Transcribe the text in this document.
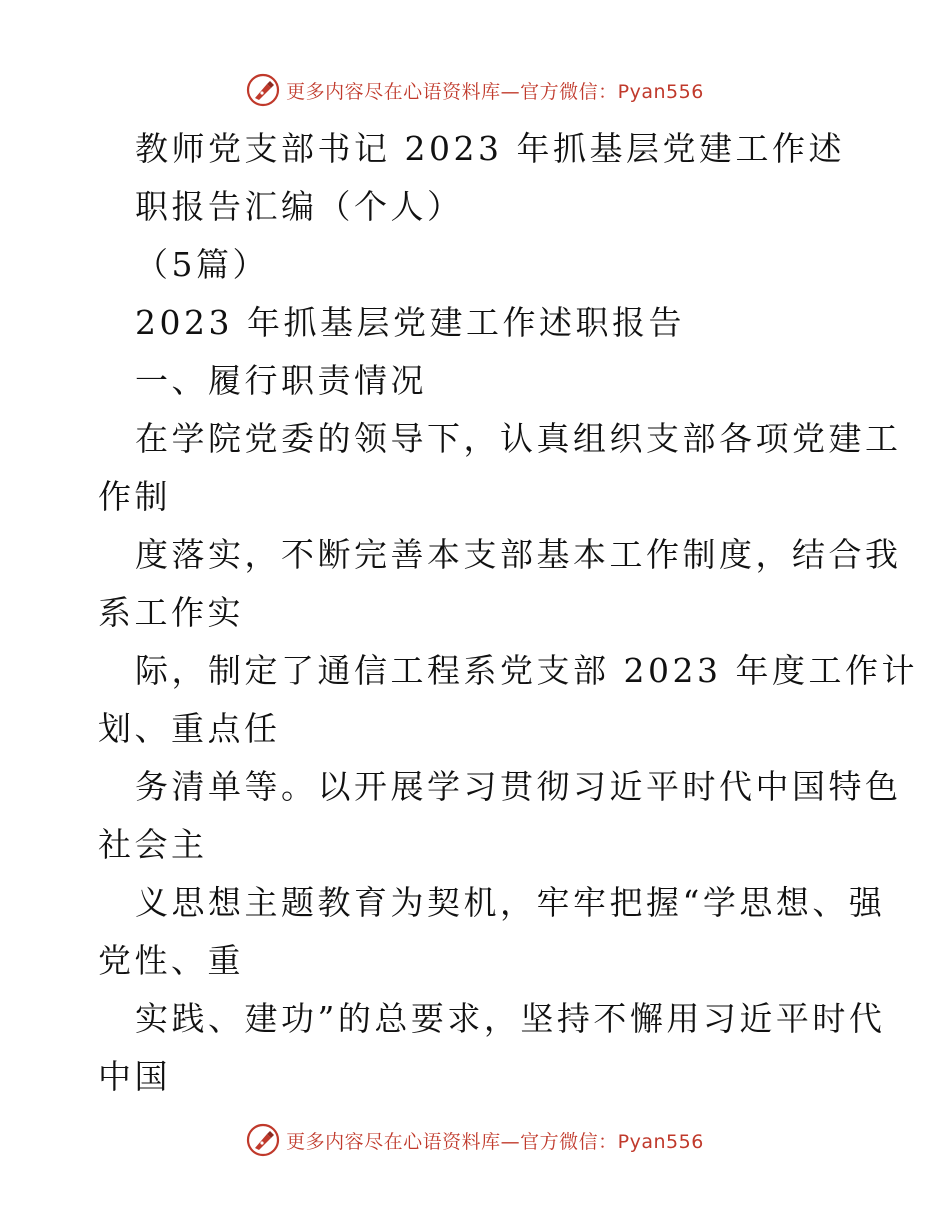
更多内容尽在心语资料库—官方微信：Pyan556
教师党支部书记 2023 年抓基层党建工作述
职报告汇编（个人）
（5篇）
2023 年抓基层党建工作述职报告
一、履行职责情况
在学院党委的领导下，认真组织支部各项党建工
作制
度落实，不断完善本支部基本工作制度，结合我
系工作实
际，制定了通信工程系党支部 2023 年度工作计
划、重点任
务清单等。以开展学习贯彻习近平时代中国特色
社会主
义思想主题教育为契机，牢牢把握“学思想、强
党性、重
实践、建功”的总要求，坚持不懈用习近平时代
中国
更多内容尽在心语资料库—官方微信：Pyan556
